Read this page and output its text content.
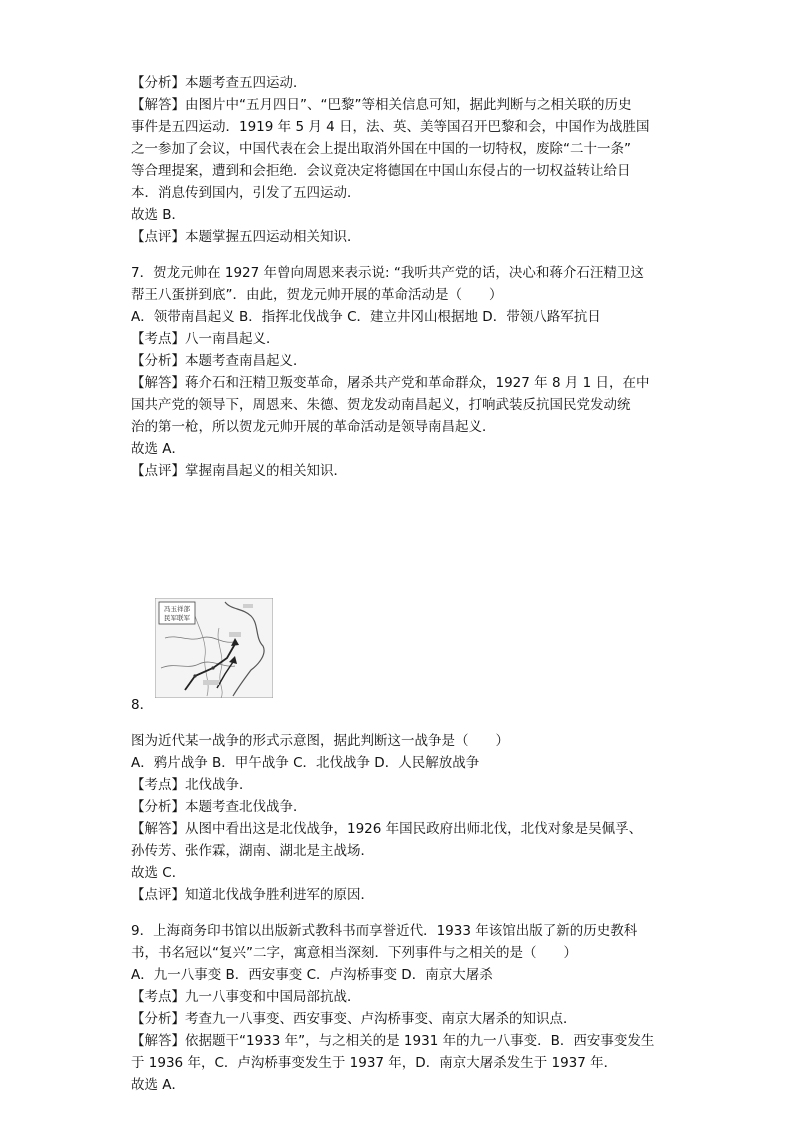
【分析】本题考查五四运动．
【解答】由图片中“五月四日”、“巴黎”等相关信息可知，据此判断与之相关联的历史
事件是五四运动．1919 年 5 月 4 日，法、英、美等国召开巴黎和会，中国作为战胜国
之一参加了会议，中国代表在会上提出取消外国在中国的一切特权，废除“二十一条”
等合理提案，遭到和会拒绝．会议竟决定将德国在中国山东侵占的一切权益转让给日
本．消息传到国内，引发了五四运动．
故选 B．
【点评】本题掌握五四运动相关知识．
7．贺龙元帅在 1927 年曾向周恩来表示说: “我听共产党的话，决心和蒋介石汪精卫这
帮王八蛋拼到底”．由此，贺龙元帅开展的革命活动是（　　）
A．领带南昌起义 B．指挥北伐战争 C．建立井冈山根据地 D．带领八路军抗日
【考点】八一南昌起义．
【分析】本题考查南昌起义．
【解答】蒋介石和汪精卫叛变革命，屠杀共产党和革命群众，1927 年 8 月 1 日，在中
国共产党的领导下，周恩来、朱德、贺龙发动南昌起义，打响武装反抗国民党发动统
治的第一枪，所以贺龙元帅开展的革命活动是领导南昌起义．
故选 A．
【点评】掌握南昌起义的相关知识．
冯玉祥部
民军联军
8．
图为近代某一战争的形式示意图，据此判断这一战争是（　　）
A．鸦片战争 B．甲午战争 C．北伐战争 D．人民解放战争
【考点】北伐战争．
【分析】本题考查北伐战争．
【解答】从图中看出这是北伐战争，1926 年国民政府出师北伐，北伐对象是吴佩孚、
孙传芳、张作霖，湖南、湖北是主战场．
故选 C．
【点评】知道北伐战争胜利进军的原因．
9．上海商务印书馆以出版新式教科书而享誉近代．1933 年该馆出版了新的历史教科
书，书名冠以“复兴”二字，寓意相当深刻．下列事件与之相关的是（　　）
A．九一八事变 B．西安事变 C．卢沟桥事变 D．南京大屠杀
【考点】九一八事变和中国局部抗战．
【分析】考查九一八事变、西安事变、卢沟桥事变、南京大屠杀的知识点．
【解答】依据题干“1933 年”，与之相关的是 1931 年的九一八事变．B．西安事变发生
于 1936 年，C．卢沟桥事变发生于 1937 年，D．南京大屠杀发生于 1937 年．
故选 A．
